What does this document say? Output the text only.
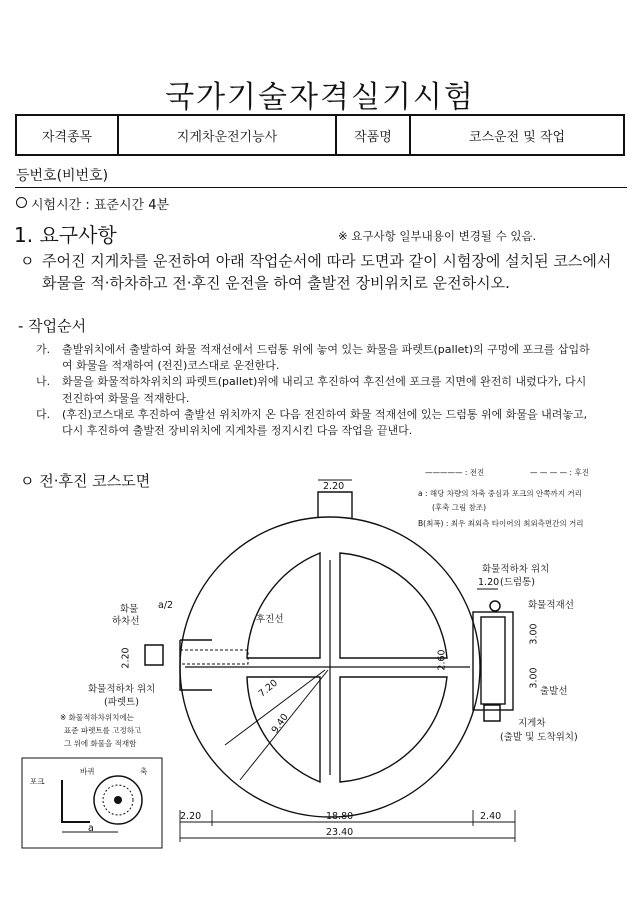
국가기술자격실기시험
자격종목	지게차운전기능사	작품명	코스운전 및 작업
등번호(비번호)
시험시간 : 표준시간 4분
1. 요구사항	※ 요구사항 일부내용이 변경될 수 있음.
ㅇ 주어진 지게차를 운전하여 아래 작업순서에 따라 도면과 같이 시험장에 설치된 코스에서 화물을 적·하차하고 전·후진 운전을 하여 출발전 장비위치로 운전하시오.
- 작업순서
가.	출발위치에서 출발하여 화물 적재선에서 드럼통 위에 놓여 있는 화물을 파렛트(pallet)의 구멍에 포크를 삽입하여 화물을 적재하여 (전진)코스대로 운전한다.
나.	화물을 화물적하차위치의 파렛트(pallet)위에 내리고 후진하여 후진선에 포크를 지면에 완전히 내렸다가, 다시 전진하여 화물을 적재한다.
다.	(후진)코스대로 후진하여 출발선 위치까지 온 다음 전진하여 화물 적재선에 있는 드럼통 위에 화물을 내려놓고, 다시 후진하여 출발전 장비위치에 지게차를 정지시킨 다음 작업을 끝낸다.
ㅇ 전·후진 코스도면	————— : 전진	— — — — : 후진
a : 해당 차량의 차축 중심과 포크의 안쪽까지 거리
(후축 그림 참조)
B(최폭) : 최우 최외측 타이어의 최외측면간의 거리
2.20
1.20
3.00
3.00
2.60
2.20
7.20
9.40
2.20	18.80	2.40
23.40
a/2
a
화물적하차 위치
(드럼통)
화물적재선
출발선
지게차
(출발 및 도착위치)
화물
하차선	후진선
화물적하차 위치
(파렛트)
※ 화물적하차위치에는
표준 파렛트를 고정하고
그 위에 화물을 적재함
포크
바퀴	축
